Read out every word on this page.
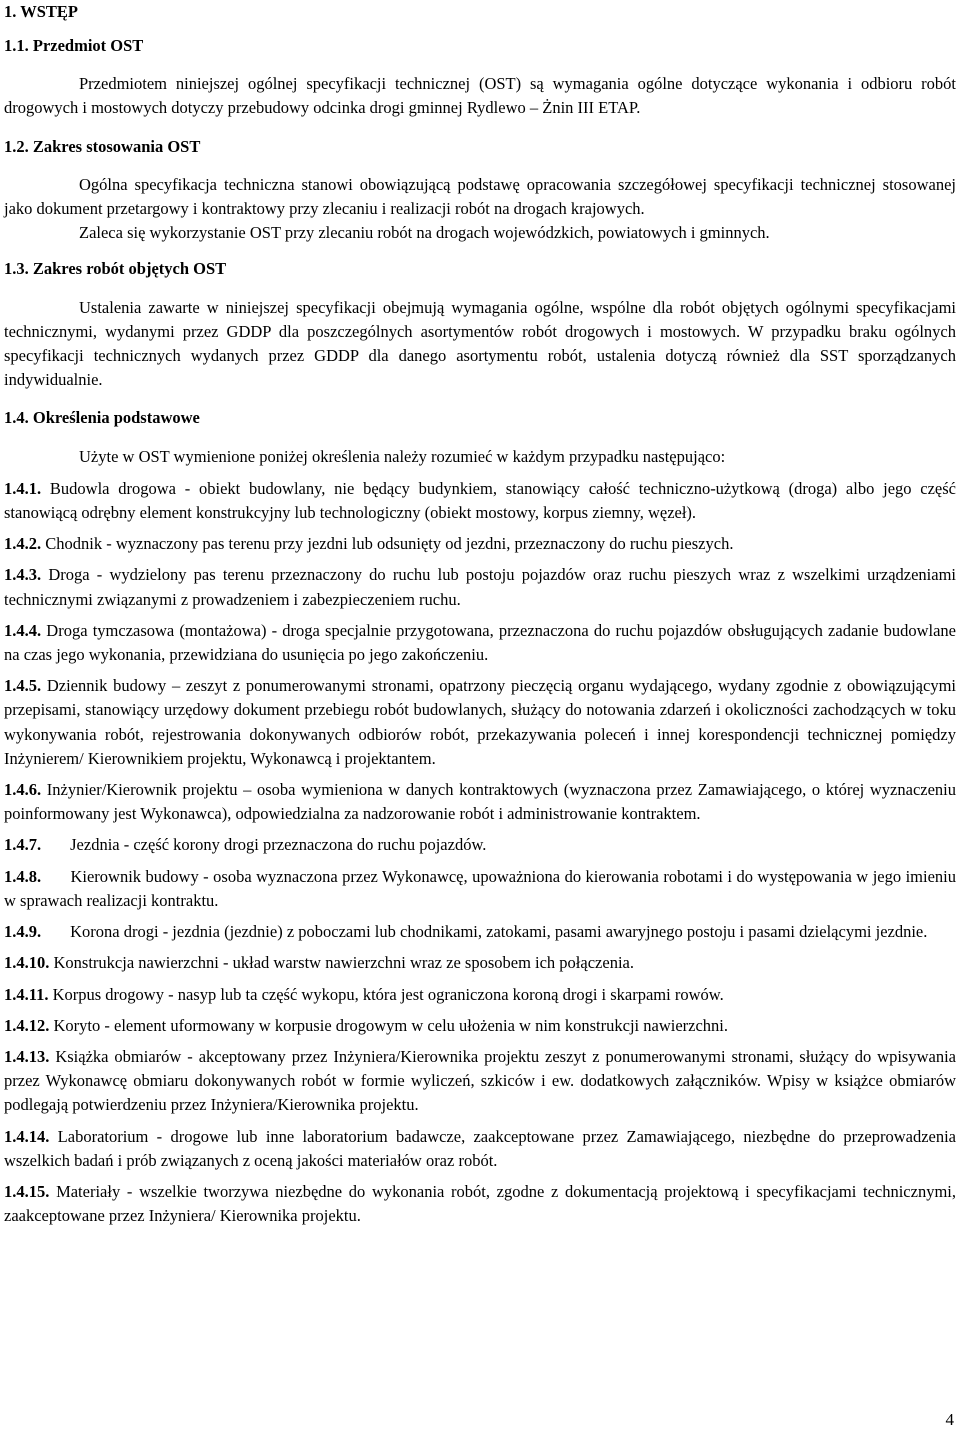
1. WSTĘP

1.1. Przedmiot OST

Przedmiotem niniejszej ogólnej specyfikacji technicznej (OST) są wymagania ogólne dotyczące wykonania i odbioru robót drogowych i mostowych dotyczy przebudowy odcinka drogi gminnej Rydlewo – Żnin III ETAP.

1.2. Zakres stosowania OST

Ogólna specyfikacja techniczna stanowi obowiązującą podstawę opracowania szczegółowej specyfikacji technicznej stosowanej jako dokument przetargowy i kontraktowy przy zlecaniu i realizacji robót na drogach krajowych.

Zaleca się wykorzystanie OST przy zlecaniu robót na drogach wojewódzkich, powiatowych i gminnych.

1.3. Zakres robót objętych OST

Ustalenia zawarte w niniejszej specyfikacji obejmują wymagania ogólne, wspólne dla robót objętych ogólnymi specyfikacjami technicznymi, wydanymi przez GDDP dla poszczególnych asortymentów robót drogowych i mostowych. W przypadku braku ogólnych specyfikacji technicznych wydanych przez GDDP dla danego asortymentu robót, ustalenia dotyczą również dla SST sporządzanych indywidualnie.

1.4. Określenia podstawowe

Użyte w OST wymienione poniżej określenia należy rozumieć w każdym przypadku następująco:

1.4.1. Budowla drogowa - obiekt budowlany, nie będący budynkiem, stanowiący całość techniczno-użytkową (droga) albo jego część stanowiącą odrębny element konstrukcyjny lub technologiczny (obiekt mostowy, korpus ziemny, węzeł).

1.4.2. Chodnik - wyznaczony pas terenu przy jezdni lub odsunięty od jezdni, przeznaczony do ruchu pieszych.

1.4.3. Droga - wydzielony pas terenu przeznaczony do ruchu lub postoju pojazdów oraz ruchu pieszych wraz z wszelkimi urządzeniami technicznymi związanymi z prowadzeniem i zabezpieczeniem ruchu.

1.4.4. Droga tymczasowa (montażowa) - droga specjalnie przygotowana, przeznaczona do ruchu pojazdów obsługujących zadanie budowlane na czas jego wykonania, przewidziana do usunięcia po jego zakończeniu.

1.4.5. Dziennik budowy – zeszyt z ponumerowanymi stronami, opatrzony pieczęcią organu wydającego, wydany zgodnie z obowiązującymi przepisami, stanowiący urzędowy dokument przebiegu robót budowlanych, służący do notowania zdarzeń i okoliczności zachodzących w toku wykonywania robót, rejestrowania dokonywanych odbiorów robót, przekazywania poleceń i innej korespondencji technicznej pomiędzy Inżynierem/ Kierownikiem projektu, Wykonawcą i projektantem.

1.4.6. Inżynier/Kierownik projektu – osoba wymieniona w danych kontraktowych (wyznaczona przez Zamawiającego, o której wyznaczeniu poinformowany jest Wykonawca), odpowiedzialna za nadzorowanie robót i administrowanie kontraktem.

1.4.7. Jezdnia - część korony drogi przeznaczona do ruchu pojazdów.

1.4.8. Kierownik budowy - osoba wyznaczona przez Wykonawcę, upoważniona do kierowania robotami i do występowania w jego imieniu w sprawach realizacji kontraktu.

1.4.9. Korona drogi - jezdnia (jezdnie) z poboczami lub chodnikami, zatokami, pasami awaryjnego postoju i pasami dzielącymi jezdnie.

1.4.10. Konstrukcja nawierzchni - układ warstw nawierzchni wraz ze sposobem ich połączenia.

1.4.11. Korpus drogowy - nasyp lub ta część wykopu, która jest ograniczona koroną drogi i skarpami rowów.

1.4.12. Koryto - element uformowany w korpusie drogowym w celu ułożenia w nim konstrukcji nawierzchni.

1.4.13. Książka obmiarów - akceptowany przez Inżyniera/Kierownika projektu zeszyt z ponumerowanymi stronami, służący do wpisywania przez Wykonawcę obmiaru dokonywanych robót w formie wyliczeń, szkiców i ew. dodatkowych załączników. Wpisy w książce obmiarów podlegają potwierdzeniu przez Inżyniera/Kierownika projektu.

1.4.14. Laboratorium - drogowe lub inne laboratorium badawcze, zaakceptowane przez Zamawiającego, niezbędne do przeprowadzenia wszelkich badań i prób związanych z oceną jakości materiałów oraz robót.

1.4.15. Materiały - wszelkie tworzywa niezbędne do wykonania robót, zgodne z dokumentacją projektową i specyfikacjami technicznymi, zaakceptowane przez Inżyniera/ Kierownika projektu.

4
